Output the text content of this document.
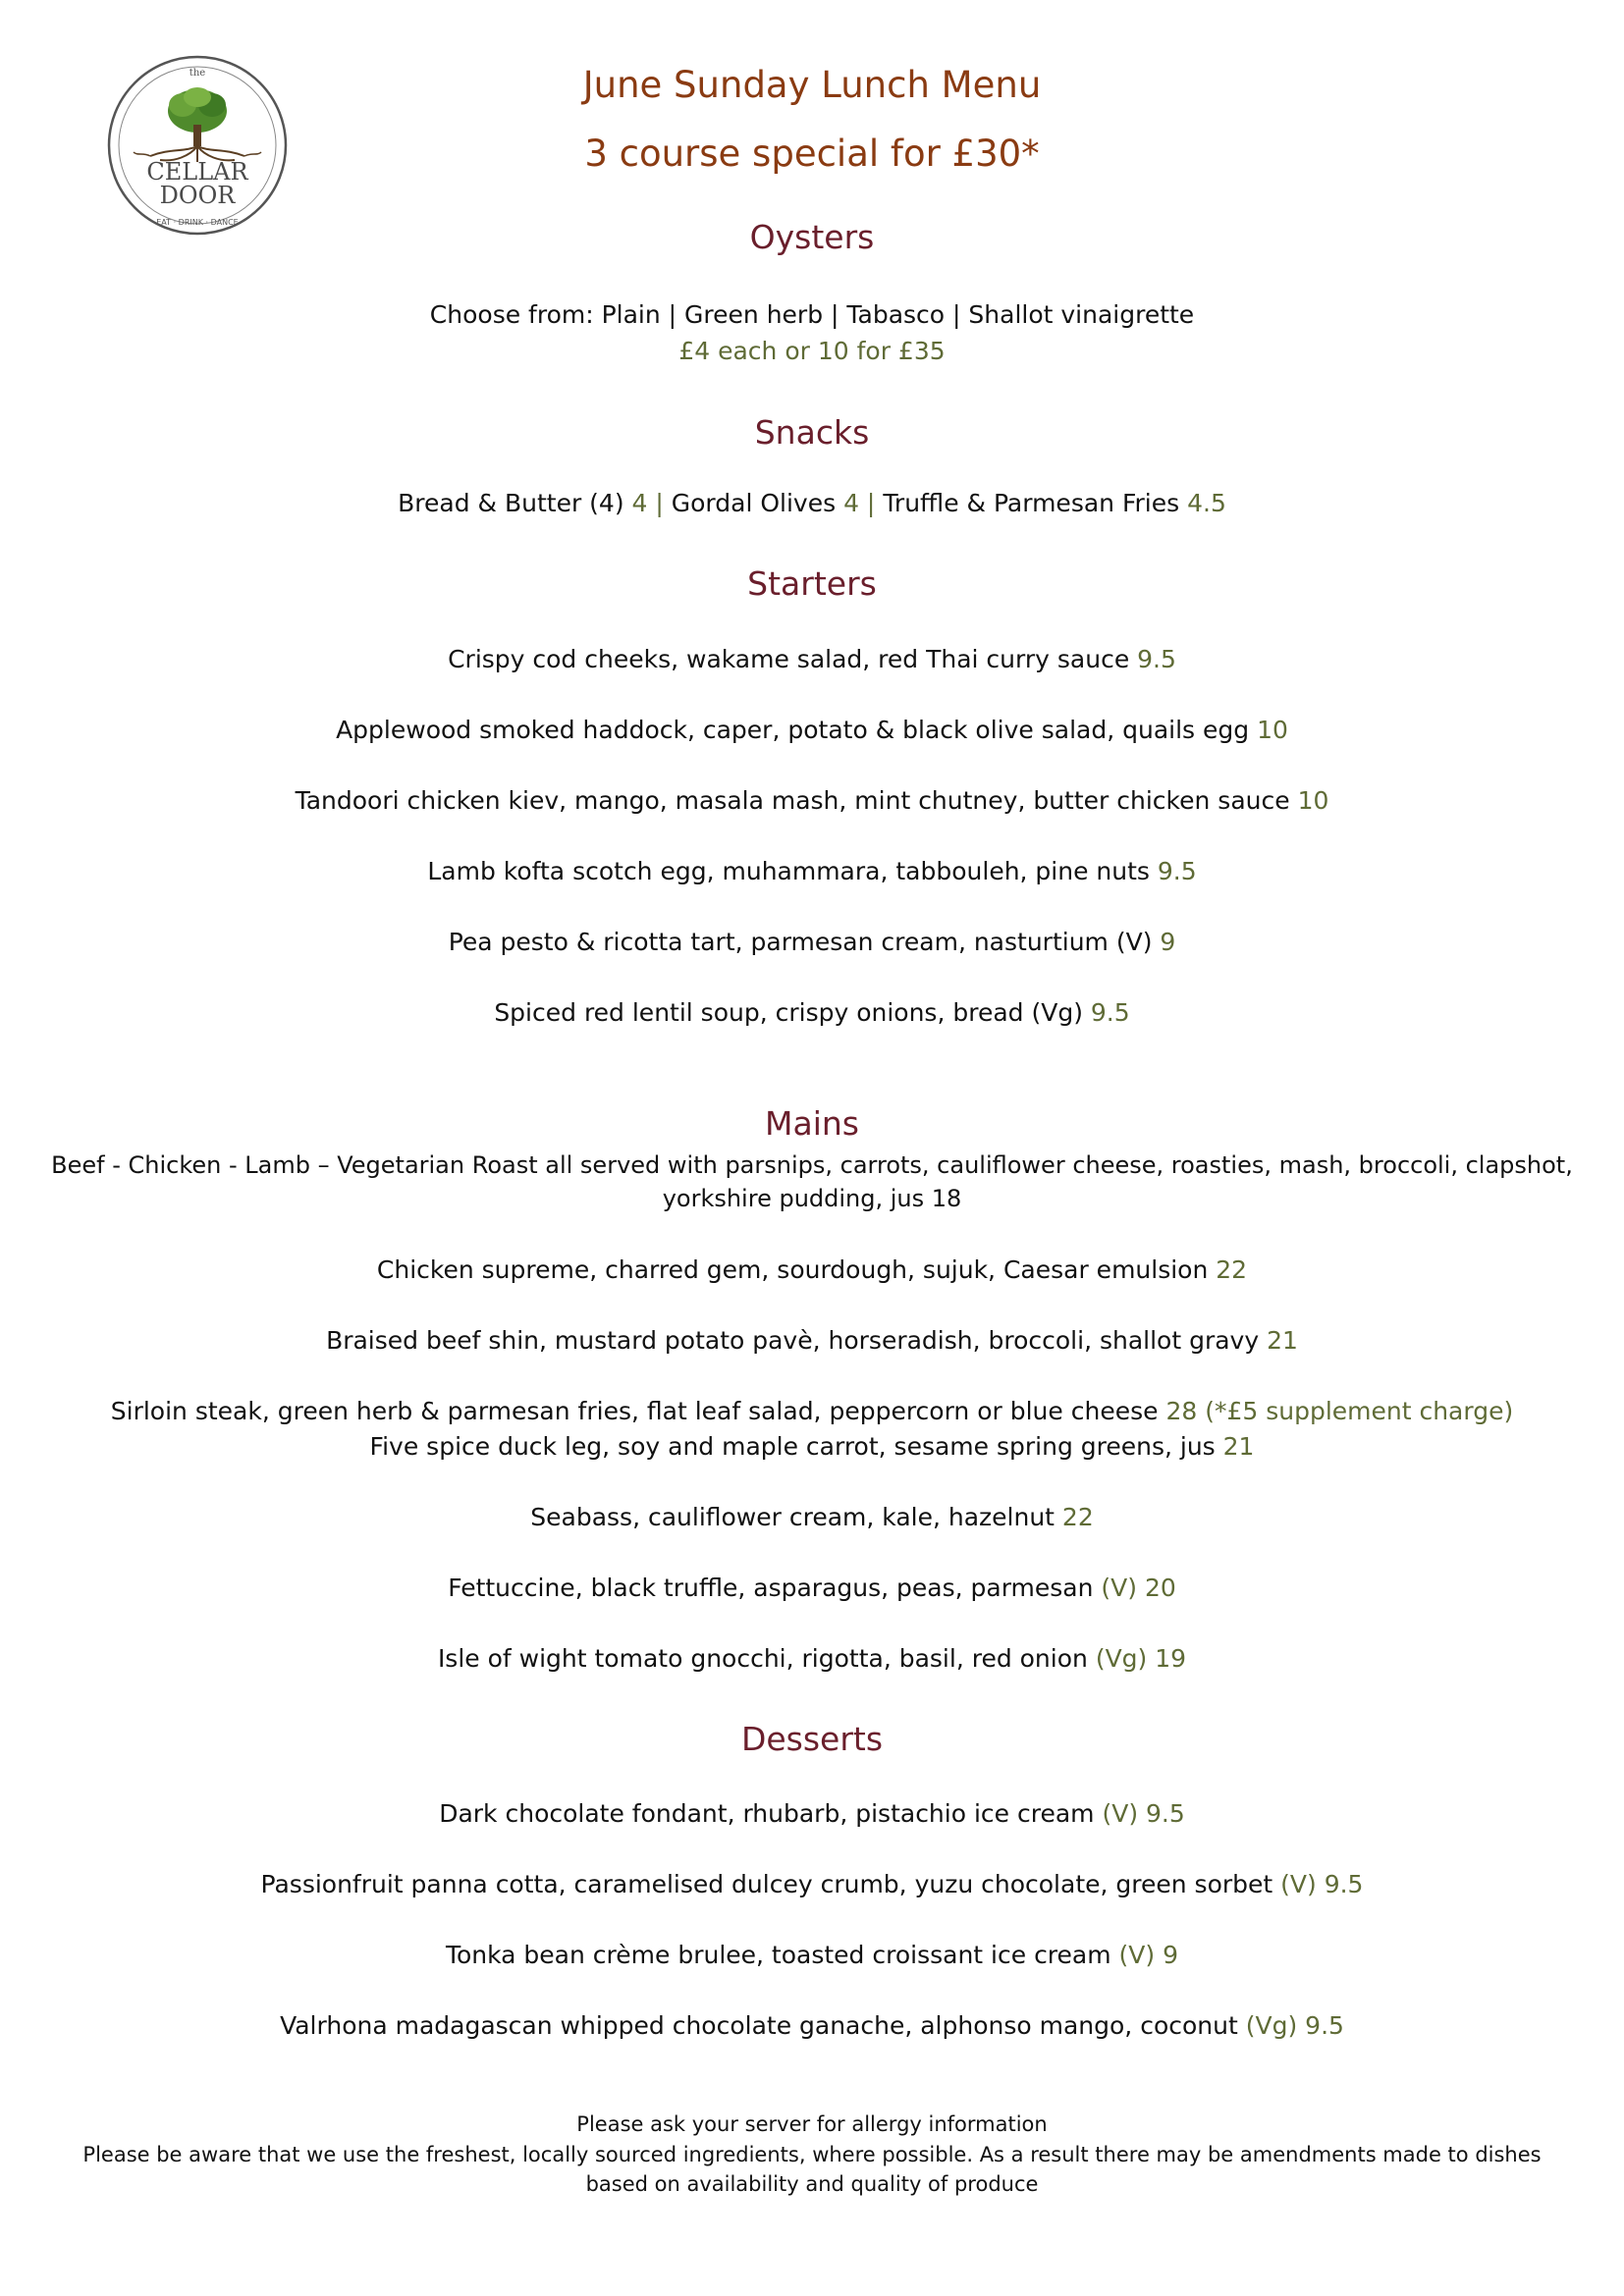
the
CELLAR
DOOR
EAT · DRINK · DANCE
June Sunday Lunch Menu
3 course special for £30*
Oysters
Choose from: Plain | Green herb | Tabasco | Shallot vinaigrette
£4 each or 10 for £35
Snacks
Bread & Butter (4) 4 | Gordal Olives 4 | Truffle & Parmesan Fries 4.5
Starters
Crispy cod cheeks, wakame salad, red Thai curry sauce 9.5
Applewood smoked haddock, caper, potato & black olive salad, quails egg 10
Tandoori chicken kiev, mango, masala mash, mint chutney, butter chicken sauce 10
Lamb kofta scotch egg, muhammara, tabbouleh, pine nuts 9.5
Pea pesto & ricotta tart, parmesan cream, nasturtium (V) 9
Spiced red lentil soup, crispy onions, bread (Vg) 9.5
Mains
Beef - Chicken - Lamb – Vegetarian Roast all served with parsnips, carrots, cauliflower cheese, roasties, mash, broccoli, clapshot,
yorkshire pudding, jus 18
Chicken supreme, charred gem, sourdough, sujuk, Caesar emulsion 22
Braised beef shin, mustard potato pavè, horseradish, broccoli, shallot gravy 21
Sirloin steak, green herb & parmesan fries, flat leaf salad, peppercorn or blue cheese 28 (*£5 supplement charge)
Five spice duck leg, soy and maple carrot, sesame spring greens, jus 21
Seabass, cauliflower cream, kale, hazelnut 22
Fettuccine, black truffle, asparagus, peas, parmesan (V) 20
Isle of wight tomato gnocchi, rigotta, basil, red onion (Vg) 19
Desserts
Dark chocolate fondant, rhubarb, pistachio ice cream (V) 9.5
Passionfruit panna cotta, caramelised dulcey crumb, yuzu chocolate, green sorbet (V) 9.5
Tonka bean crème brulee, toasted croissant ice cream (V) 9
Valrhona madagascan whipped chocolate ganache, alphonso mango, coconut (Vg) 9.5
Please ask your server for allergy information
Please be aware that we use the freshest, locally sourced ingredients, where possible. As a result there may be amendments made to dishes
based on availability and quality of produce
